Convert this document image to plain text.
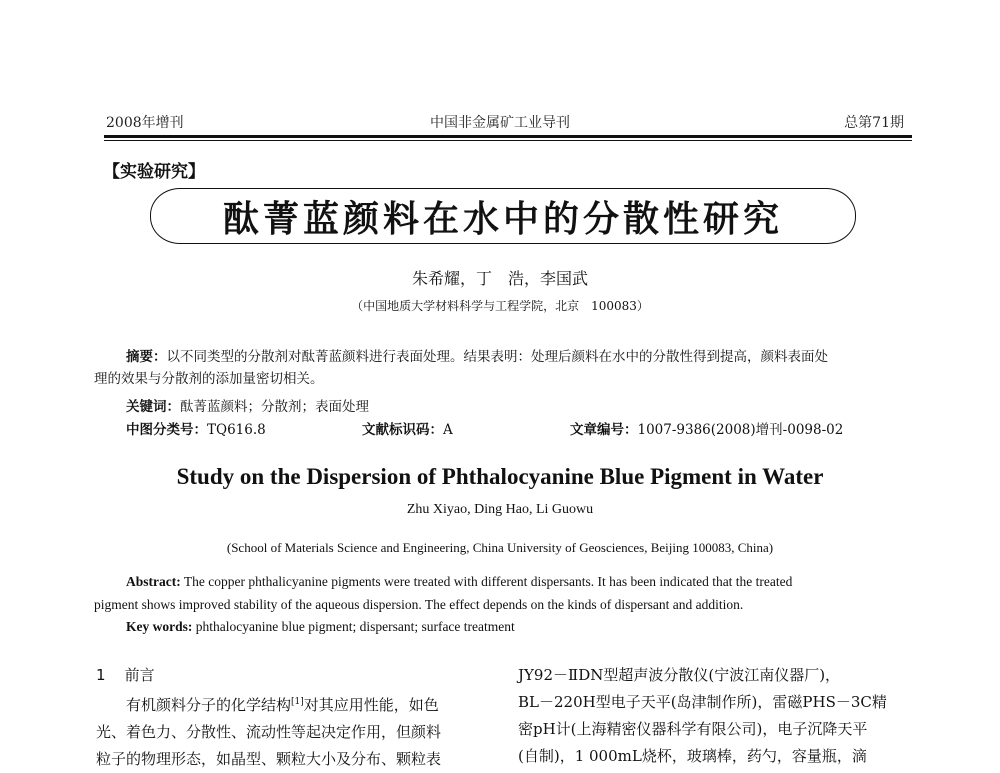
2008年增刊	中国非金属矿工业导刊	总第71期
【实验研究】
酞菁蓝颜料在水中的分散性研究
朱希耀，丁　浩，李国武
（中国地质大学材料科学与工程学院，北京　100083）
摘要：以不同类型的分散剂对酞菁蓝颜料进行表面处理。结果表明：处理后颜料在水中的分散性得到提高，颜料表面处
理的效果与分散剂的添加量密切相关。
关键词：酞菁蓝颜料；分散剂；表面处理
中图分类号：TQ616.8	文献标识码：A	文章编号：1007-9386(2008)增刊-0098-02
Study on the Dispersion of Phthalocyanine Blue Pigment in Water
Zhu Xiyao, Ding Hao, Li Guowu
(School of Materials Science and Engineering, China University of Geosciences, Beijing 100083, China)
Abstract: The copper phthalicyanine pigments were treated with different dispersants. It has been indicated that the treated
pigment shows improved stability of the aqueous dispersion. The effect depends on the kinds of dispersant and addition.
Key words: phthalocyanine blue pigment; dispersant; surface treatment
1 前言
有机颜料分子的化学结构[1]对其应用性能，如色
光、着色力、分散性、流动性等起决定作用，但颜料
粒子的物理形态，如晶型、颗粒大小及分布、颗粒表
JY92－ⅡDN型超声波分散仪(宁波江南仪器厂)，
BL－220H型电子天平(岛津制作所)，雷磁PHS－3C精
密pH计(上海精密仪器科学有限公司)，电子沉降天平
(自制)，1 000mL烧杯，玻璃棒，药勺，容量瓶，滴
